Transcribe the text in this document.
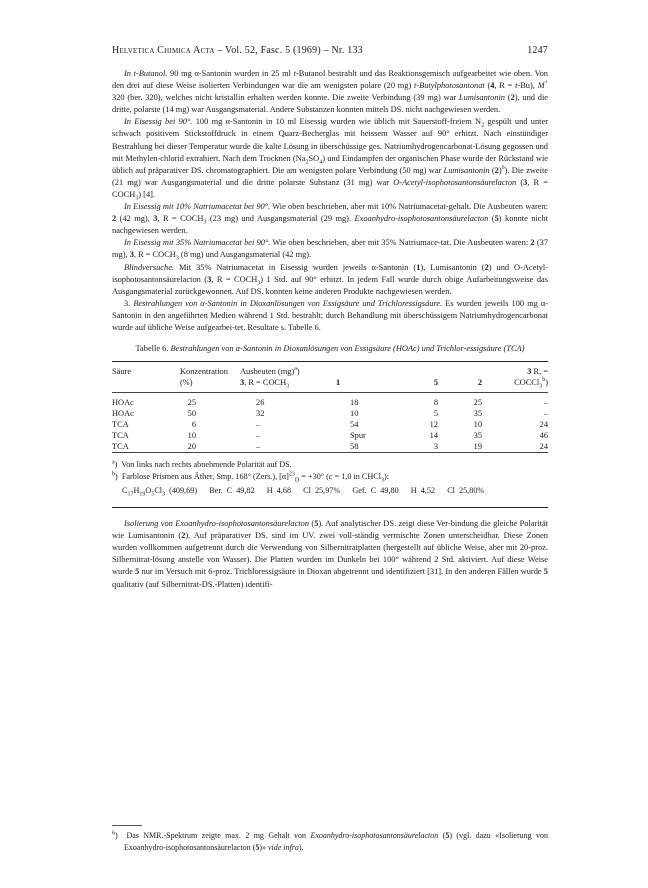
Helvetica Chimica Acta – Vol. 52, Fasc. 5 (1969) – Nr. 133	1247

In t-Butanol. 90 mg α-Santonin wurden in 25 ml t-Butanol bestrahlt und das Reaktionsgemisch aufgearbeitet wie oben. Von den drei auf diese Weise isolierten Verbindungen war die am wenigsten polare (20 mg) t-Butylphotosantonat (4, R = t-Bu), M+ 320 (ber. 320), welches nicht kristallin erhalten werden konnte. Die zweite Verbindung (39 mg) war Lumisantonin (2), und die dritte, polarste (14 mg) war Ausgangsmaterial. Andere Substanzen konnten mittels DS. nicht nachgewiesen werden.

In Eisessig bei 90°. 100 mg α-Santonin in 10 ml Eisessig wurden wie üblich mit Sauerstoff-freiem $N_2$ gespült und unter schwach positivem Stickstoffdruck in einem Quarz-Becherglas mit heissem Wasser auf 90° erhitzt. Nach einstündiger Bestrahlung bei dieser Temperatur wurde die kalte Lösung in überschüssige ges. Natriumhydrogencarbonat-Lösung gegossen und mit Methylen-chlorid extrahiert. Nach dem Trocknen $(Na_2SO_4)$ und Eindampfen der organischen Phase wurde der Rückstand wie üblich auf präparativer DS. chromatographiert. Die am wenigsten polare Verbindung (50 mg) war Lumisantonin $(2)^6$). Die zweite (21 mg) war Ausgangsmaterial und die dritte polarste Substanz (31 mg) war O-Acetyl-isophotosantonsäurelacton (3, $R = COCH_3$) [4].

In Eisessig mit 10% Natriumacetat bei 90°. Wie oben beschrieben, aber mit 10% Natriumacetat-gehalt. Die Ausbeuten waren: 2 (42 mg), 3, $R = COCH_3$ (23 mg) und Ausgangsmaterial (29 mg). Exoanhydro-isophotosantonsäurelacton (5) konnte nicht nachgewiesen werden.

In Eisessig mit 35% Natriumacetat bei 90°. Wie oben beschrieben, aber mit 35% Natriumace-tat. Die Ausbeuten waren: 2 (37 mg), 3, $R = COCH_3$ (8 mg) und Ausgangsmaterial (42 mg).

Blindversuche. Mit 35% Natriumacetat in Eisessig wurden jeweils α-Santonin (1), Lumisantonin (2) und O-Acetyl-isophotosantonsäurelacton (3, $R = COCH_3$) 1 Std. auf 90° erhitzt. In jedem Fall wurde durch obige Aufarbeitungsweise das Ausgangsmaterial zurückgewonnen. Auf DS. konnten keine anderen Produkte nachgewiesen werden.

3. Bestrahlungen von α-Santonin in Dioxanlösungen von Essigsäure und Trichloressigsäure. Es wurden jeweils 100 mg α-Santonin in den angeführten Medien während 1 Std. bestrahlt; durch Behandlung mit überschüssigem Natriumhydrogencarbonat wurde auf übliche Weise aufgearbei-tet. Resultate s. Tabelle 6.

Tabelle 6. Bestrahlungen von α-Santonin in Dioxanlösungen von Essigsäure (HOAc) und Trichlor-essigsäure (TCA)
Säure	Konzentration	Ausbeuten (mg)$^a$)				3 R, =
	(%)	3, $R = COCH_3$	1	5	2	COCCl$_3^b$)
HOAc	25	26	18	8	25	–
HOAc	50	32	10	5	35	–
TCA	6	–	54	12	10	24
TCA	10	–	Spur	14	35	46
TCA	20	–	58	3	19	24
$^a$)  Von links nach rechts abnehmende Polarität auf DS.
$^b$)  Farblose Prismen aus Äther, Smp. 168° (Zers.), $[\alpha]^{23}_D = +30^\circ$ (c = 1,0 in CHCl$_3$):
$C_{17}H_{19}O_5Cl_3$ (409,69)   Ber. C 49,82   H 4,68   Cl 25,97%   Gef. C 49,80   H 4,52   Cl 25,80%

Isolierung von Exoanhydro-isophotosantonsäurelacton (5). Auf analytischer DS. zeigt diese Ver-bindung die gleiche Polarität wie Lumisantonin (2). Auf präparativer DS. sind im UV. zwei voll-ständig vermischte Zonen unterscheidbar. Diese Zonen wurden vollkommen aufgetrennt durch die Verwendung von Silbernitratplatten (hergestellt auf übliche Weise, aber mit 20-proz. Silbernitrat-lösung anstelle von Wasser). Die Platten wurden im Dunkeln bei 100° während 2 Std. aktiviert. Auf diese Weise wurde 5 nur im Versuch mit 6-proz. Trichloressigsäure in Dioxan abgetrennt und identifiziert [31]. In den anderen Fällen wurde 5 qualitativ (auf Silbernitrat-DS.-Platten) identifi-

$^6$)  Das NMR.-Spektrum zeigte max. 2 mg Gehalt von Exoanhydro-isophotosantonsäurelacton (5) (vgl. dazu «Isolierung von Exoanhydro-isophotosantonsäurelacton (5)» vide infra).
